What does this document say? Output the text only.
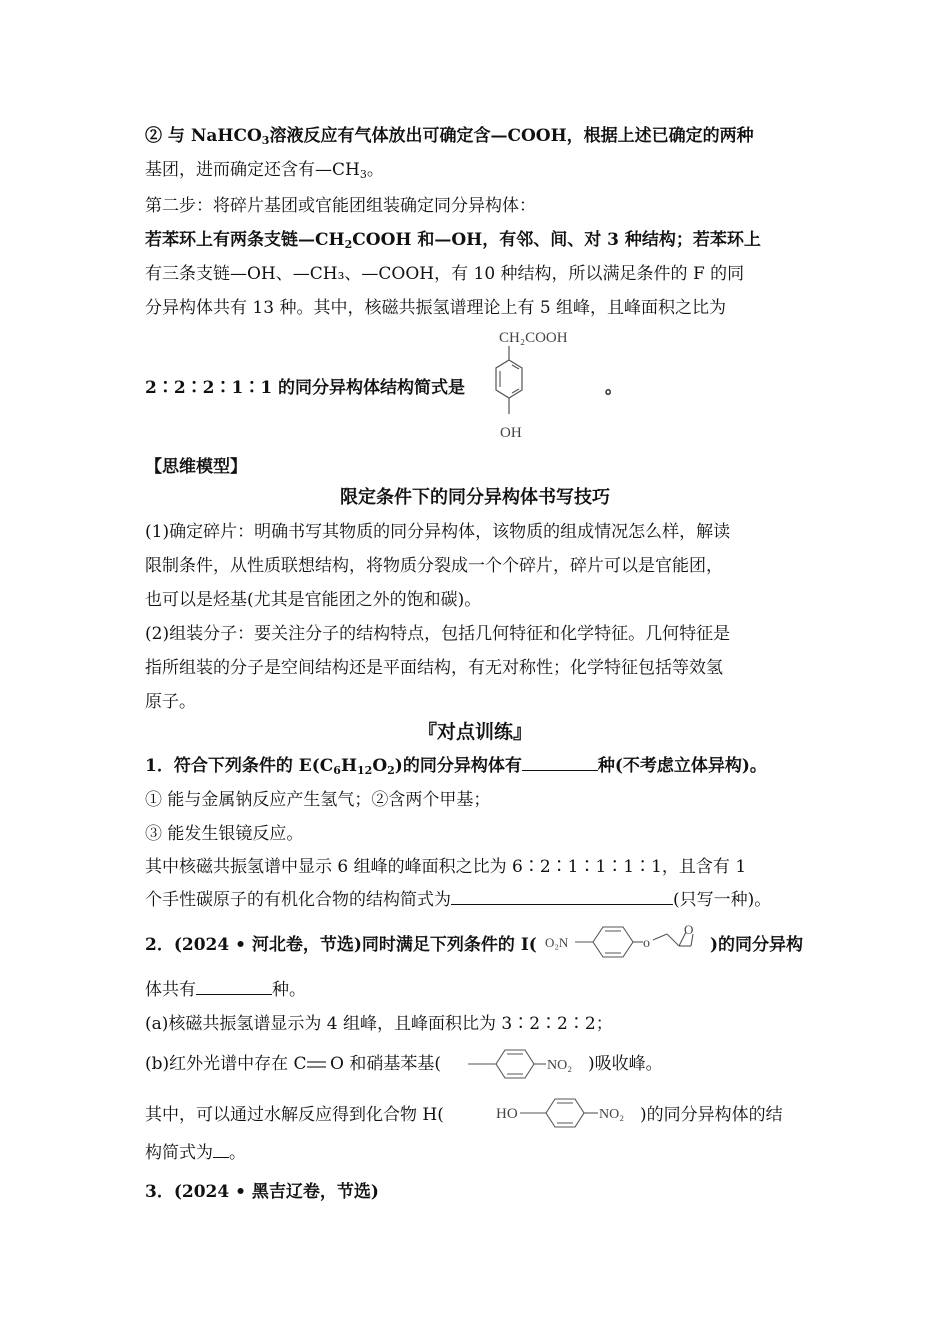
② 与 NaHCO$_3$溶液反应有气体放出可确定含—COOH，根据上述已确定的两种
基团，进而确定还含有$—CH_3$。
第二步：将碎片基团或官能团组装确定同分异构体：
若苯环上有两条支链$—CH_2COOH$ 和—OH，有邻、间、对 3 种结构；若苯环上
有三条支链—OH、—CH₃、—COOH，有 10 种结构，所以满足条件的 F 的同
分异构体共有 13 种。其中，核磁共振氢谱理论上有 5 组峰，且峰面积之比为
2∶2∶2∶1∶1 的同分异构体结构简式是	。
CH₂COOH
OH
【思维模型】
限定条件下的同分异构体书写技巧
(1)确定碎片：明确书写其物质的同分异构体，该物质的组成情况怎么样，解读
限制条件，从性质联想结构，将物质分裂成一个个碎片，碎片可以是官能团，
也可以是烃基(尤其是官能团之外的饱和碳)。
(2)组装分子：要关注分子的结构特点，包括几何特征和化学特征。几何特征是
指所组装的分子是空间结构还是平面结构，有无对称性；化学特征包括等效氢
原子。
『对点训练』
1．符合下列条件的 $E(C_6H_{12}O_2)$的同分异构体有	种(不考虑立体异构)。
① 能与金属钠反应产生氢气；②含两个甲基；
③ 能发生银镜反应。
其中核磁共振氢谱中显示 6 组峰的峰面积之比为 6∶2∶1∶1∶1∶1，且含有 1
个手性碳原子的有机化合物的结构简式为	(只写一种)。
2．(2024 • 河北卷，节选)同时满足下列条件的 I( O₂N	o
O
)的同分异构
体共有	种。
(a)核磁共振氢谱显示为 4 组峰，且峰面积比为 3∶2∶2∶2；
(b)红外光谱中存在 C O 和硝基苯基(	NO₂ )吸收峰。
其中，可以通过水解反应得到化合物 H(	HO	NO₂ )的同分异构体的结
构简式为 。
3．(2024 • 黑吉辽卷，节选)
